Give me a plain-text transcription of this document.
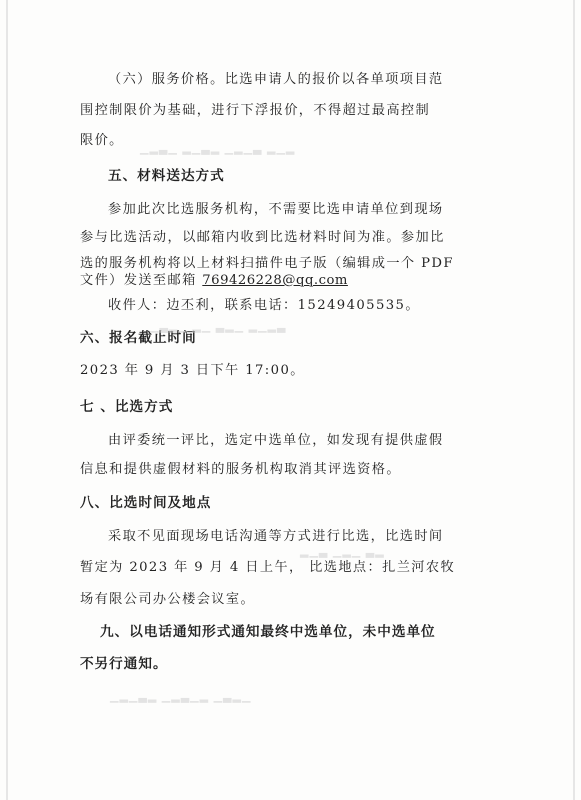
（六）服务价格。比选申请人的报价以各单项项目范
围控制限价为基础，进行下浮报价，不得超过最高控制
限价。
五、材料送达方式
参加此次比选服务机构，不需要比选申请单位到现场
参与比选活动，以邮箱内收到比选材料时间为准。参加比
选的服务机构将以上材料扫描件电子版（编辑成一个 PDF
文件）发送至邮箱 769426228@qq.com
收件人：边丕利，联系电话：15249405535。
六、报名截止时间
2023 年 9 月 3 日下午 17:00。
七 、比选方式
由评委统一评比，选定中选单位，如发现有提供虚假
信息和提供虚假材料的服务机构取消其评选资格。
八、比选时间及地点
采取不见面现场电话沟通等方式进行比选，比选时间
暂定为 2023 年 9 月 4 日上午， 比选地点：扎兰河农牧
场有限公司办公楼会议室。
九、以电话通知形式通知最终中选单位，未中选单位
不另行通知。
▁▂▃▁ ▂▁▃▂ ▁▂▁▃ ▂▁▂
▁▃▂▁ ▂▁ ▃▂▁ ▂▁▂▃
▂▁▃ ▁▂▁ ▃▂
▁▂▁▃▂ ▁▂▃▁▂ ▁▃▂▁
